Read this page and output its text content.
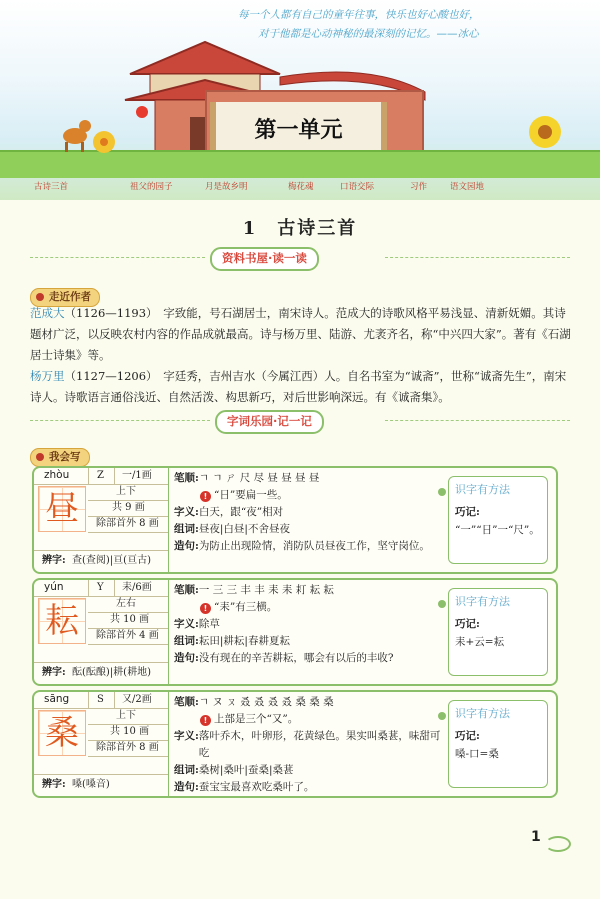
每一个人都有自己的童年往事，快乐也好心酸也好，
对于他都是心动神秘的最深刻的记忆。——冰心
第一单元
古诗三首	祖父的园子	月是故乡明	梅花魂	口语交际	习作	语文园地
1　古诗三首
资料书屋·读一读
走近作者
范成大（1126—1193）　字致能，号石湖居士，南宋诗人。范成大的诗歌风格平易浅显、清新妩媚。其诗题材广泛，以反映农村内容的作品成就最高。诗与杨万里、陆游、尤袤齐名，称“中兴四大家”。著有《石湖居士诗集》等。
杨万里（1127—1206）　字廷秀，吉州吉水（今属江西）人。自名书室为“诚斋”，世称“诚斋先生”，南宋诗人。诗歌语言通俗浅近、自然活泼、构思新巧，对后世影响深远。有《诚斋集》。
字词乐园·记一记
我会写
zhòu	Z 一/1画
昼	上下
共 9 画
除部首外 8 画
辨字: 查(查阅)|亘(亘古)
笔顺:ㄱ ㄱ ㄕ 尺 尽 昼 昼 昼 昼
! “日”要扁一些。
字义:白天，跟“夜”相对
组词:昼夜|白昼|不舍昼夜
造句: 为防止出现险情，消防队员昼夜工作，坚守岗位。
识字有方法
巧记:
“一”“日”一“尺”。
yún	Y 耒/6画
耘	左右
共 10 画
除部首外 4 画
辨字: 酝(酝酿)|耕(耕地)
笔顺:一 三 三 丰 丰 耒 耒 耓 耘 耘
! “耒”有三横。
字义:除草
组词:耘田|耕耘|春耕夏耘
造句: 没有现在的辛苦耕耘，哪会有以后的丰收?
识字有方法
巧记:
耒+云=耘
sāng	S 又/2画
桑	上下
共 10 画
除部首外 8 画
辨字: 嗓(嗓音)
笔顺:ㄱ ヌ ㄡ 叒 叒 叒 叒 桑 桑 桑
! 上部是三个“又”。
字义: 落叶乔木，叶卵形，花黄绿色。果实叫桑葚，味甜可吃
组词:桑树|桑叶|蚕桑|桑葚
造句: 蚕宝宝最喜欢吃桑叶了。
识字有方法
巧记:
嗓-口=桑
1
